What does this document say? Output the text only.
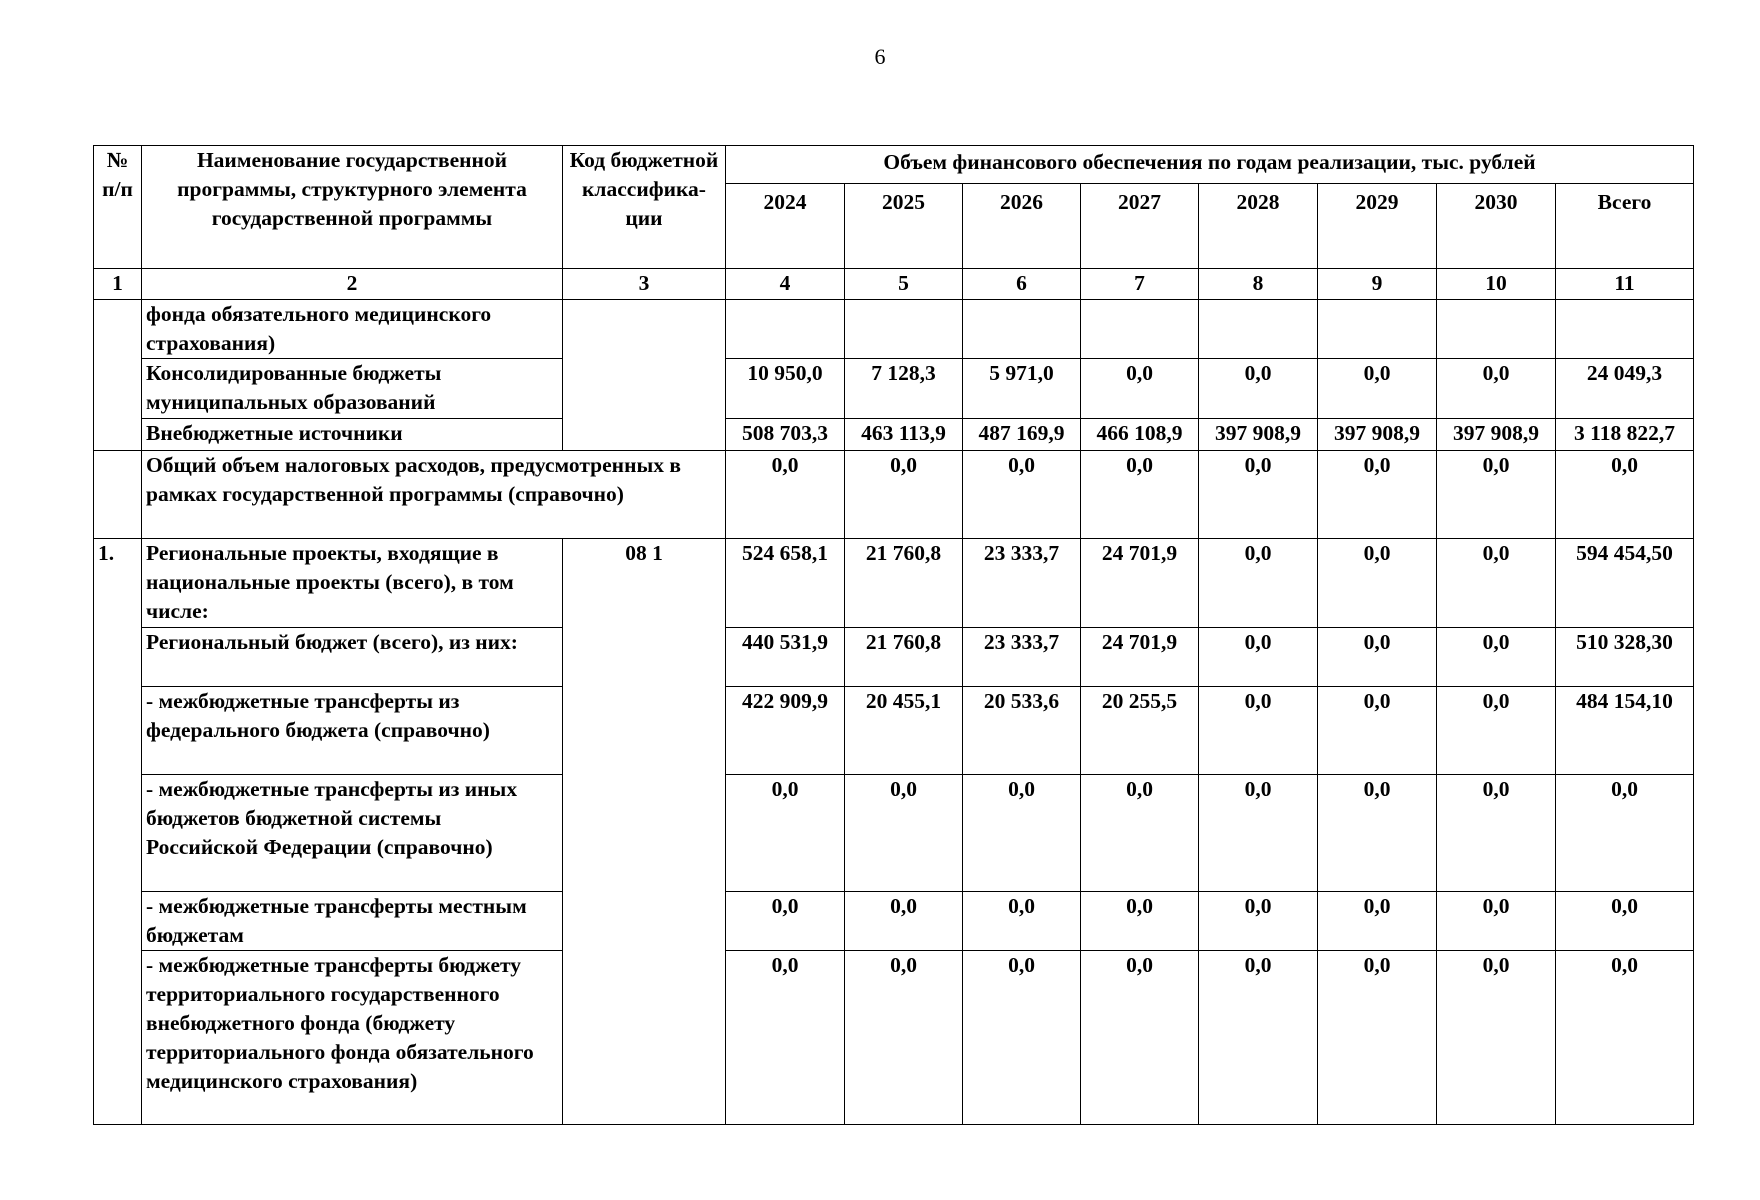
6
№ п/п	Наименование государственной программы, структурного элемента государственной программы	Код бюджетной классифика-ции	Объем финансового обеспечения по годам реализации, тыс. рублей							
			2024	2025	2026	2027	2028	2029	2030	Всего
1	2	3	4	5	6	7	8	9	10	11
	фонда обязательного медицинского страхования)									
	Консолидированные бюджеты муниципальных образований		10 950,0	7 128,3	5 971,0	0,0	0,0	0,0	0,0	24 049,3
	Внебюджетные источники		508 703,3	463 113,9	487 169,9	466 108,9	397 908,9	397 908,9	397 908,9	3 118 822,7
	Общий объем налоговых расходов, предусмотренных в рамках государственной программы (справочно)		0,0	0,0	0,0	0,0	0,0	0,0	0,0	0,0
1.	Региональные проекты, входящие в национальные проекты (всего), в том числе:	08 1	524 658,1	21 760,8	23 333,7	24 701,9	0,0	0,0	0,0	594 454,50
	Региональный бюджет (всего), из них:		440 531,9	21 760,8	23 333,7	24 701,9	0,0	0,0	0,0	510 328,30
	- межбюджетные трансферты из федерального бюджета (справочно)		422 909,9	20 455,1	20 533,6	20 255,5	0,0	0,0	0,0	484 154,10
	- межбюджетные трансферты из иных бюджетов бюджетной системы Российской Федерации (справочно)		0,0	0,0	0,0	0,0	0,0	0,0	0,0	0,0
	- межбюджетные трансферты местным бюджетам		0,0	0,0	0,0	0,0	0,0	0,0	0,0	0,0
	- межбюджетные трансферты бюджету территориального государственного внебюджетного фонда (бюджету территориального фонда обязательного медицинского страхования)		0,0	0,0	0,0	0,0	0,0	0,0	0,0	0,0
